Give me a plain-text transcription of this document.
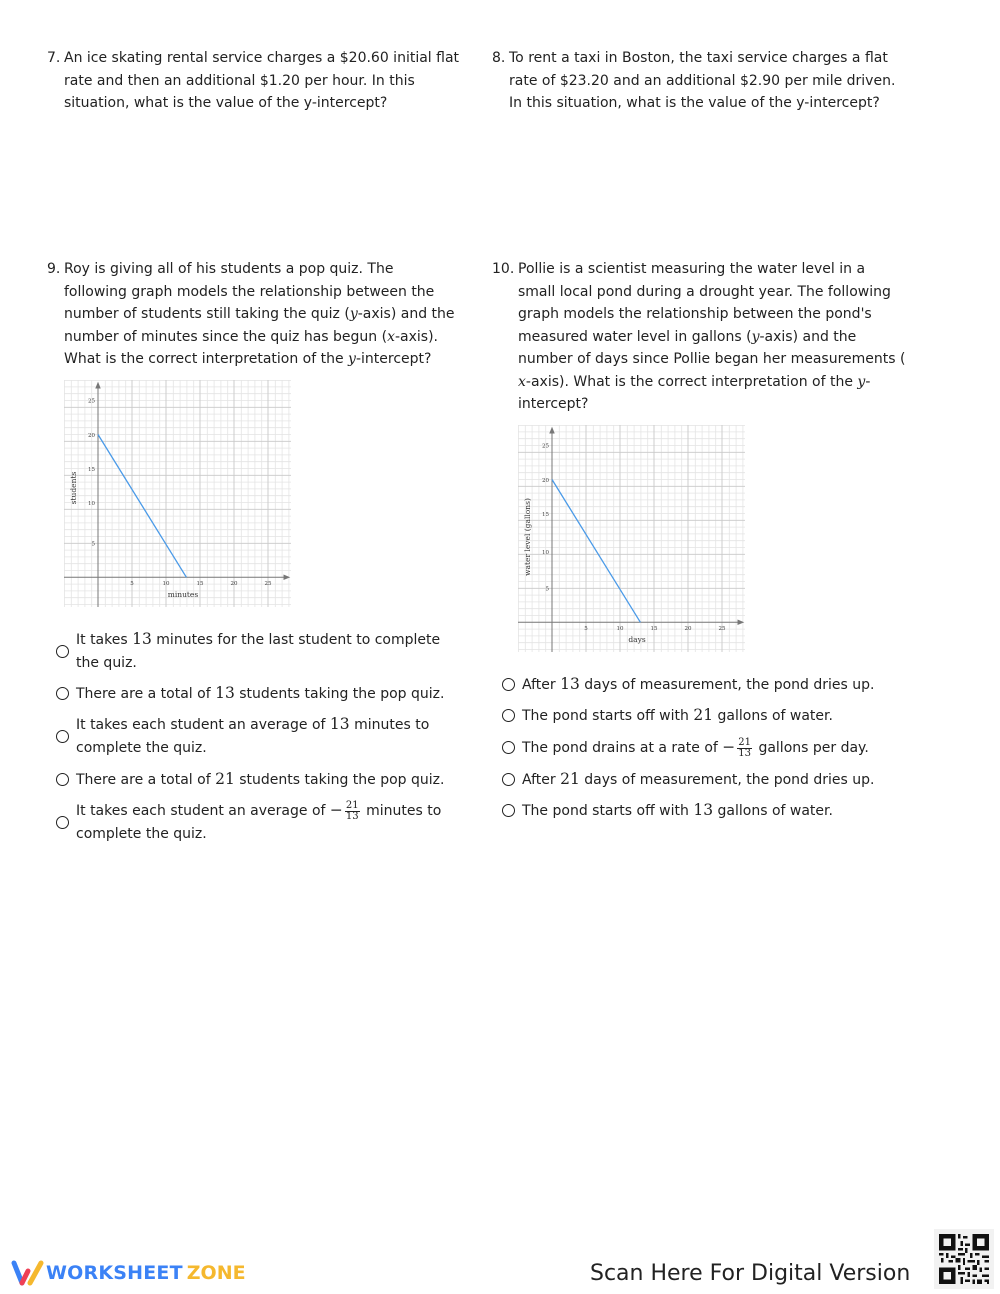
7. An ice skating rental service charges a $20.60 initial flat
rate and then an additional $1.20 per hour. In this
situation, what is the value of the y-intercept?
8. To rent a taxi in Boston, the taxi service charges a flat
rate of $23.20 and an additional $2.90 per mile driven.
In this situation, what is the value of the y-intercept?
9. Roy is giving all of his students a pop quiz. The
following graph models the relationship between the
number of students still taking the quiz (y-axis) and the
number of minutes since the quiz has begun (x-axis).
What is the correct interpretation of the y-intercept?
25
20
15
10
5
5	10	15	20	25
minutes
students
It takes 13 minutes for the last student to complete
the quiz.
There are a total of 13 students taking the pop quiz.
It takes each student an average of 13 minutes to
complete the quiz.
There are a total of 21 students taking the pop quiz.
It takes each student an average of − $\frac{21}{13}$ minutes to
complete the quiz.
10. Pollie is a scientist measuring the water level in a
small local pond during a drought year. The following
graph models the relationship between the pond's
measured water level in gallons (y-axis) and the
number of days since Pollie began her measurements (
x-axis). What is the correct interpretation of the y-
intercept?
25
20
15
10
5
5	10	15	20	25
days
water level (gallons)
After 13 days of measurement, the pond dries up.
The pond starts off with 21 gallons of water.
The pond drains at a rate of − $\frac{21}{13}$ gallons per day.
After 21 days of measurement, the pond dries up.
The pond starts off with 13 gallons of water.
WORKSHEET ZONE	Scan Here For Digital Version
